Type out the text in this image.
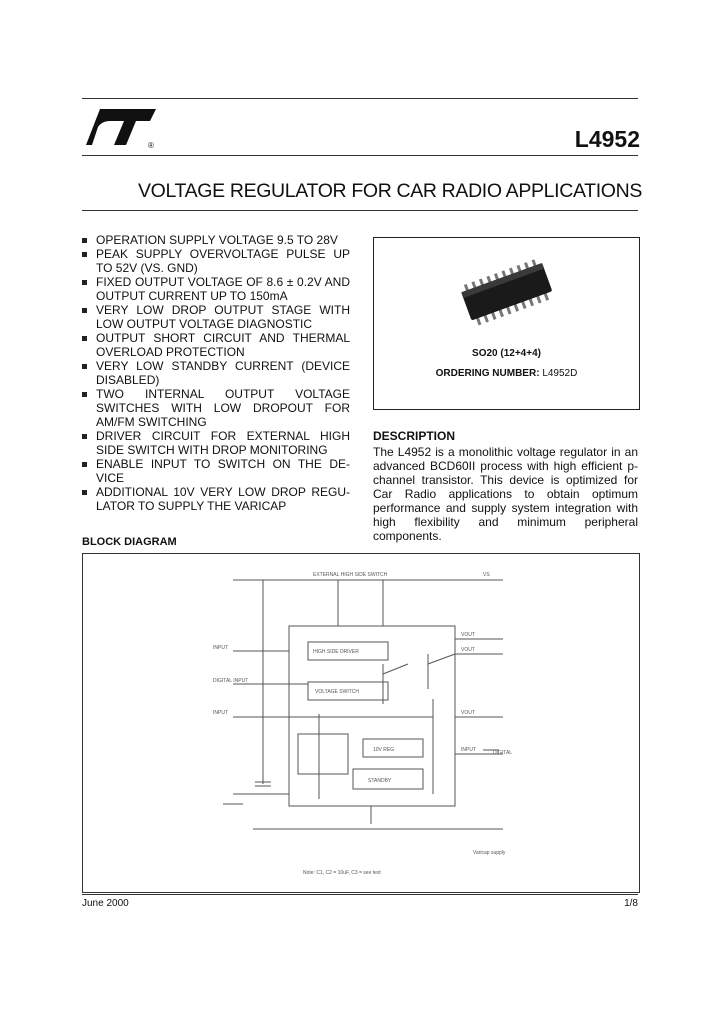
®	L4952
VOLTAGE REGULATOR FOR CAR RADIO APPLICATIONS
OPERATION SUPPLY VOLTAGE 9.5 TO 28V
PEAK SUPPLY OVERVOLTAGE PULSE UP TO 52V (VS. GND)
FIXED OUTPUT VOLTAGE OF 8.6 ± 0.2V AND OUTPUT CURRENT UP TO 150mA
VERY LOW DROP OUTPUT STAGE WITH LOW OUTPUT VOLTAGE DIAGNOSTIC
OUTPUT SHORT CIRCUIT AND THERMAL OVERLOAD PROTECTION
VERY LOW STANDBY CURRENT (DEVICE DISABLED)
TWO INTERNAL OUTPUT VOLTAGE SWITCHES WITH LOW DROPOUT FOR AM/FM SWITCHING
DRIVER CIRCUIT FOR EXTERNAL HIGH SIDE SWITCH WITH DROP MONITORING
ENABLE INPUT TO SWITCH ON THE DE-VICE
ADDITIONAL 10V VERY LOW DROP REGU-LATOR TO SUPPLY THE VARICAP
SO20 (12+4+4)
ORDERING NUMBER: L4952D
DESCRIPTION
The L4952 is a monolithic voltage regulator in an advanced BCD60II process with high efficient p-channel transistor. This device is optimized for Car Radio applications to obtain optimum performance and supply system integration with high flexibility and minimum peripheral components.
BLOCK DIAGRAM
EXTERNAL HIGH SIDE SWITCH	VS
HIGH SIDE DRIVER
VOLTAGE SWITCH
10V REG
STANDBY
VOUT
VOUT
VOUT
INPUT	DIGITAL
INPUT
DIGITAL INPUT
INPUT
Varicap supply
Note: C1, C2 = 10uF, C3 = see text
June 2000	1/8
